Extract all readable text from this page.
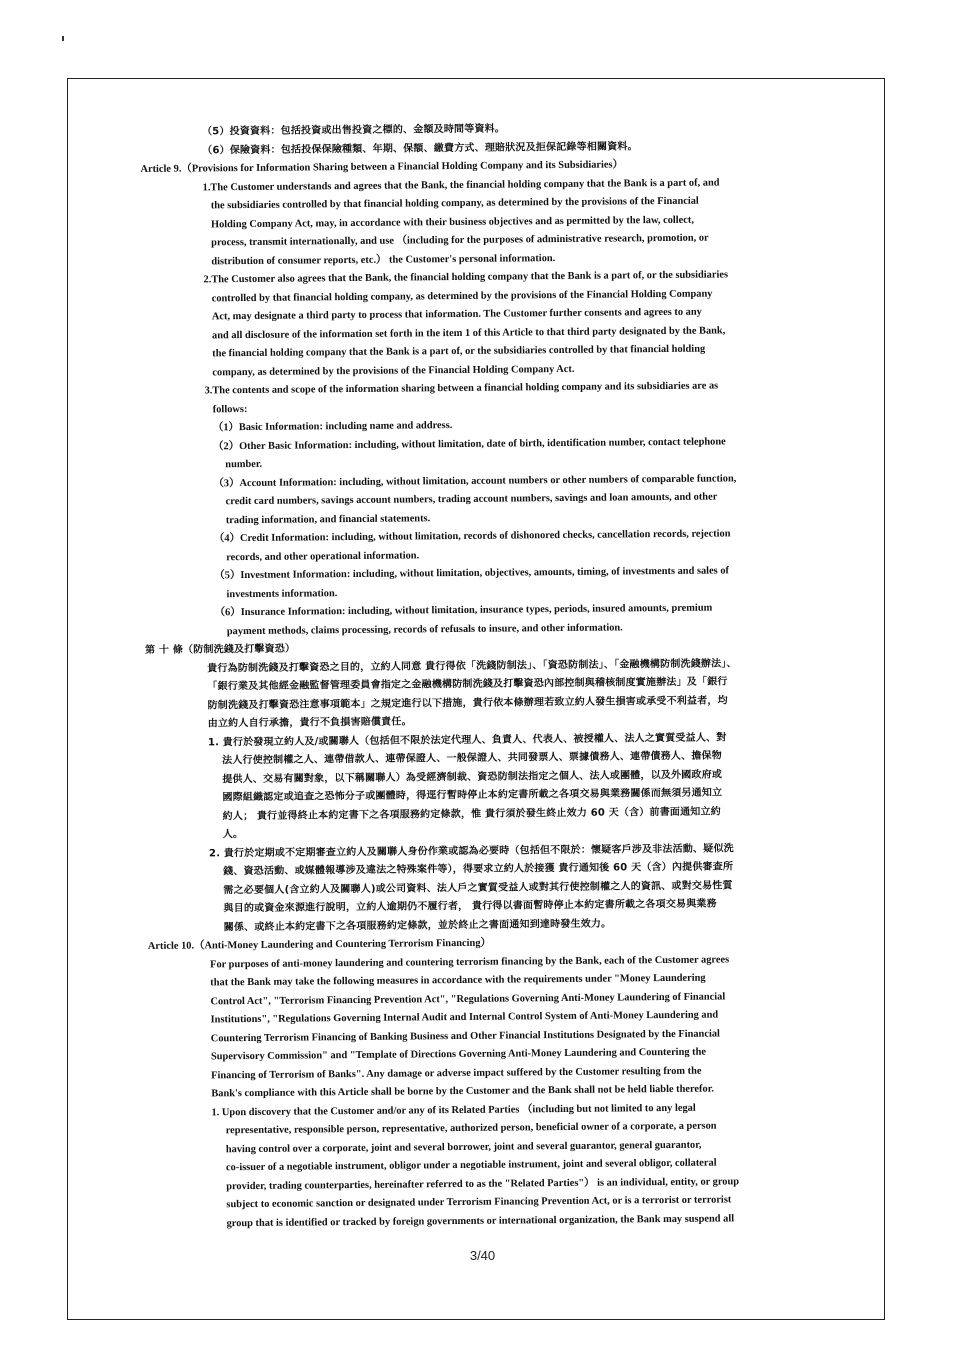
（5）投資資料：包括投資或出售投資之標的、金額及時間等資料。
（6）保險資料：包括投保保險種類、年期、保額、繳費方式、理賠狀況及拒保記錄等相關資料。
Article 9.（Provisions for Information Sharing between a Financial Holding Company and its Subsidiaries）
1.The Customer understands and agrees that the Bank, the financial holding company that the Bank is a part of, and
the subsidiaries controlled by that financial holding company, as determined by the provisions of the Financial
Holding Company Act, may, in accordance with their business objectives and as permitted by the law, collect,
process, transmit internationally, and use （including for the purposes of administrative research, promotion, or
distribution of consumer reports, etc.） the Customer's personal information.
2.The Customer also agrees that the Bank, the financial holding company that the Bank is a part of, or the subsidiaries
controlled by that financial holding company, as determined by the provisions of the Financial Holding Company
Act, may designate a third party to process that information. The Customer further consents and agrees to any
and all disclosure of the information set forth in the item 1 of this Article to that third party designated by the Bank,
the financial holding company that the Bank is a part of, or the subsidiaries controlled by that financial holding
company, as determined by the provisions of the Financial Holding Company Act.
3.The contents and scope of the information sharing between a financial holding company and its subsidiaries are as
follows:
（1）Basic Information: including name and address.
（2）Other Basic Information: including, without limitation, date of birth, identification number, contact telephone
number.
（3）Account Information: including, without limitation, account numbers or other numbers of comparable function,
credit card numbers, savings account numbers, trading account numbers, savings and loan amounts, and other
trading information, and financial statements.
（4）Credit Information: including, without limitation, records of dishonored checks, cancellation records, rejection
records, and other operational information.
（5）Investment Information: including, without limitation, objectives, amounts, timing, of investments and sales of
investments information.
（6）Insurance Information: including, without limitation, insurance types, periods, insured amounts, premium
payment methods, claims processing, records of refusals to insure, and other information.
第 十 條（防制洗錢及打擊資恐）
貴行為防制洗錢及打擊資恐之目的，立約人同意 貴行得依「洗錢防制法」、「資恐防制法」、「金融機構防制洗錢辦法」、
「銀行業及其他經金融監督管理委員會指定之金融機構防制洗錢及打擊資恐內部控制與稽核制度實施辦法」及「銀行
防制洗錢及打擊資恐注意事項範本」之規定進行以下措施，貴行依本條辦理若致立約人發生損害或承受不利益者，均
由立約人自行承擔，貴行不負損害賠償責任。
1. 貴行於發現立約人及/或關聯人（包括但不限於法定代理人、負責人、代表人、被授權人、法人之實質受益人、對
法人行使控制權之人、連帶借款人、連帶保證人、一般保證人、共同發票人、票據債務人、連帶債務人、擔保物
提供人、交易有關對象，以下稱關聯人）為受經濟制裁、資恐防制法指定之個人、法人或團體，以及外國政府或
國際組織認定或追查之恐怖分子或團體時，得逕行暫時停止本約定書所載之各項交易與業務關係而無須另通知立
約人； 貴行並得終止本約定書下之各項服務約定條款，惟 貴行須於發生終止效力 60 天（含）前書面通知立約
人。
2. 貴行於定期或不定期審查立約人及關聯人身份作業或認為必要時（包括但不限於：懷疑客戶涉及非法活動、疑似洗
錢、資恐活動、或媒體報導涉及違法之特殊案件等），得要求立約人於接獲 貴行通知後 60 天（含）內提供審查所
需之必要個人(含立約人及關聯人)或公司資料、法人戶之實質受益人或對其行使控制權之人的資訊、或對交易性質
與目的或資金來源進行說明，立約人逾期仍不履行者， 貴行得以書面暫時停止本約定書所載之各項交易與業務
關係、或終止本約定書下之各項服務約定條款，並於終止之書面通知到達時發生效力。
Article 10.（Anti-Money Laundering and Countering Terrorism Financing）
For purposes of anti-money laundering and countering terrorism financing by the Bank, each of the Customer agrees
that the Bank may take the following measures in accordance with the requirements under "Money Laundering
Control Act", "Terrorism Financing Prevention Act", "Regulations Governing Anti-Money Laundering of Financial
Institutions", "Regulations Governing Internal Audit and Internal Control System of Anti-Money Laundering and
Countering Terrorism Financing of Banking Business and Other Financial Institutions Designated by the Financial
Supervisory Commission" and "Template of Directions Governing Anti-Money Laundering and Countering the
Financing of Terrorism of Banks". Any damage or adverse impact suffered by the Customer resulting from the
Bank's compliance with this Article shall be borne by the Customer and the Bank shall not be held liable therefor.
1. Upon discovery that the Customer and/or any of its Related Parties （including but not limited to any legal
representative, responsible person, representative, authorized person, beneficial owner of a corporate, a person
having control over a corporate, joint and several borrower, joint and several guarantor, general guarantor,
co-issuer of a negotiable instrument, obligor under a negotiable instrument, joint and several obligor, collateral
provider, trading counterparties, hereinafter referred to as the "Related Parties"） is an individual, entity, or group
subject to economic sanction or designated under Terrorism Financing Prevention Act, or is a terrorist or terrorist
group that is identified or tracked by foreign governments or international organization, the Bank may suspend all
3/40
